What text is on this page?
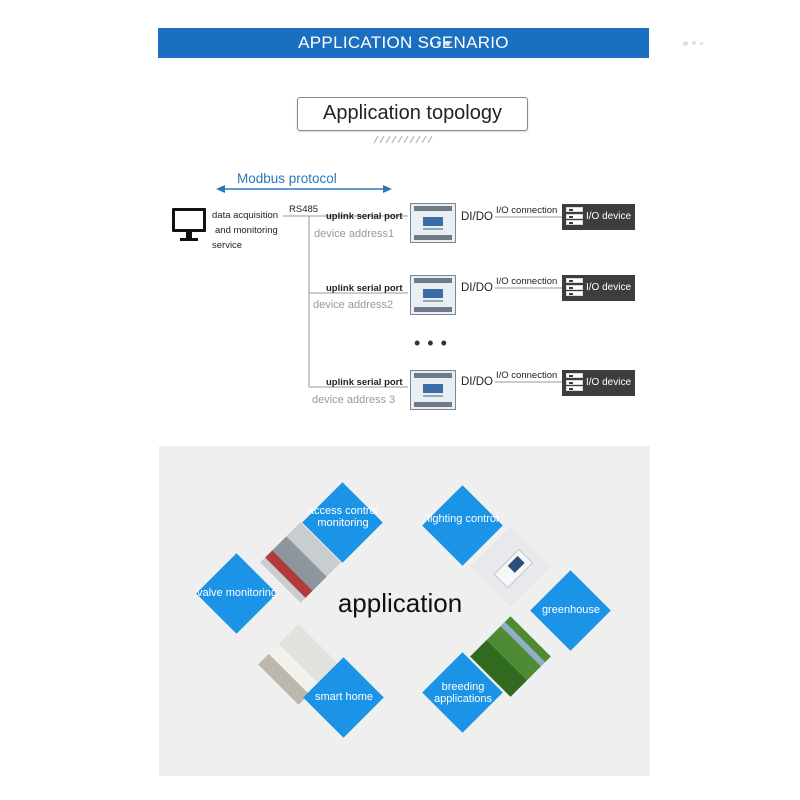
APPLICATION SCENARIO
Application topology
Modbus protocol
data acquisition
and monitoring
service
RS485
uplink serial port
device address1
DI/DO
I/O connection
I/O device
uplink serial port
device address2
DI/DO
I/O connection
I/O device
• • •
uplink serial port
device address 3
DI/DO
I/O connection
I/O device
access control monitoring
valve monitoring
smart home
application
lighting control
greenhouse
breeding applications
